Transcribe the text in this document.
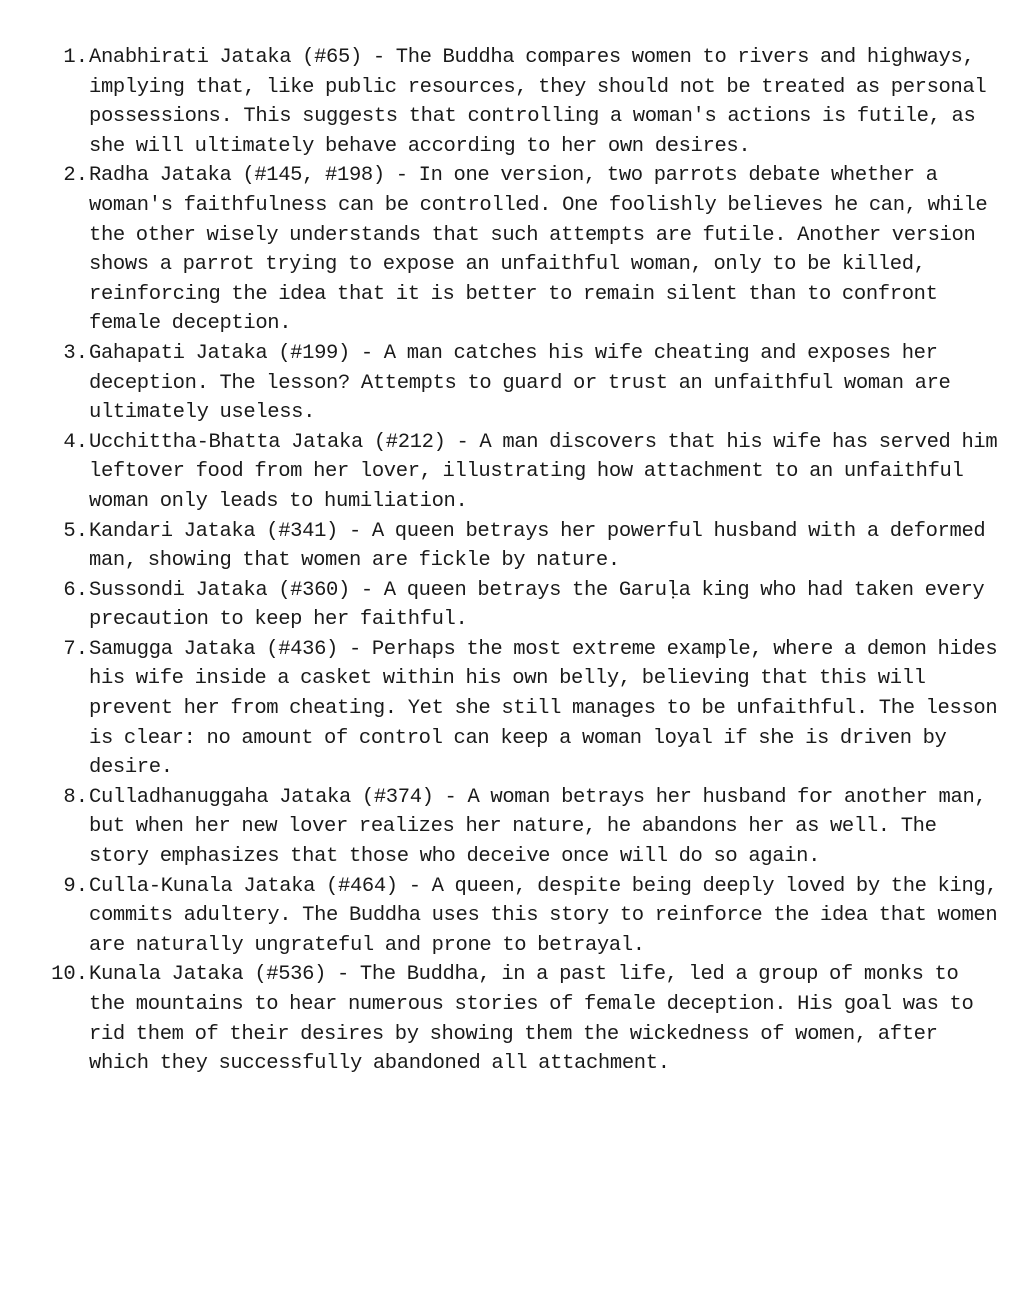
1. Anabhirati Jataka (#65) - The Buddha compares women to rivers and highways, implying that, like public resources, they should not be treated as personal possessions. This suggests that controlling a woman's actions is futile, as she will ultimately behave according to her own desires.
2. Radha Jataka (#145, #198) - In one version, two parrots debate whether a woman's faithfulness can be controlled. One foolishly believes he can, while the other wisely understands that such attempts are futile. Another version shows a parrot trying to expose an unfaithful woman, only to be killed, reinforcing the idea that it is better to remain silent than to confront female deception.
3. Gahapati Jataka (#199) - A man catches his wife cheating and exposes her deception. The lesson? Attempts to guard or trust an unfaithful woman are ultimately useless.
4. Ucchittha-Bhatta Jataka (#212) - A man discovers that his wife has served him leftover food from her lover, illustrating how attachment to an unfaithful woman only leads to humiliation.
5. Kandari Jataka (#341) - A queen betrays her powerful husband with a deformed man, showing that women are fickle by nature.
6. Sussondi Jataka (#360) - A queen betrays the Garuḷa king who had taken every precaution to keep her faithful.
7. Samugga Jataka (#436) - Perhaps the most extreme example, where a demon hides his wife inside a casket within his own belly, believing that this will prevent her from cheating. Yet she still manages to be unfaithful. The lesson is clear: no amount of control can keep a woman loyal if she is driven by desire.
8. Culladhanuggaha Jataka (#374) - A woman betrays her husband for another man, but when her new lover realizes her nature, he abandons her as well. The story emphasizes that those who deceive once will do so again.
9. Culla-Kunala Jataka (#464) - A queen, despite being deeply loved by the king, commits adultery. The Buddha uses this story to reinforce the idea that women are naturally ungrateful and prone to betrayal.
10. Kunala Jataka (#536) - The Buddha, in a past life, led a group of monks to the mountains to hear numerous stories of female deception. His goal was to rid them of their desires by showing them the wickedness of women, after which they successfully abandoned all attachment.
